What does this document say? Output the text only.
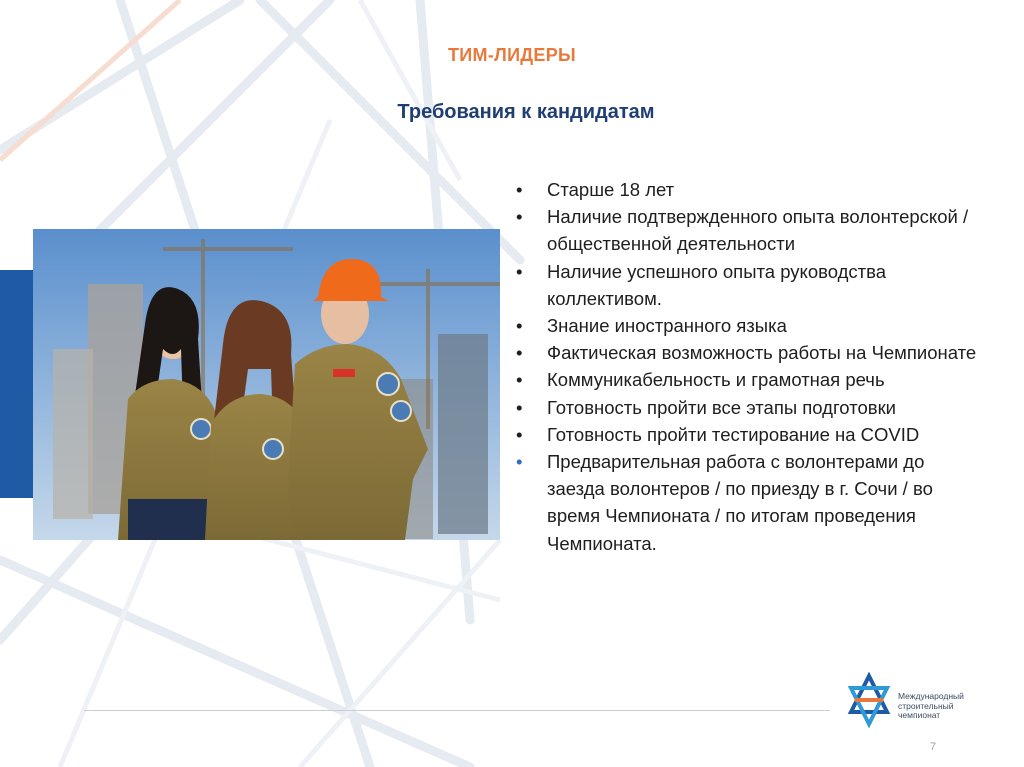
ТИМ-ЛИДЕРЫ
Требования к кандидатам
• Старше 18 лет
• Наличие подтвержденного опыта волонтерской / общественной деятельности
• Наличие успешного опыта руководства коллективом.
• Знание иностранного языка
• Фактическая возможность работы на Чемпионате
• Коммуникабельность и грамотная речь
• Готовность пройти все этапы подготовки
• Готовность пройти тестирование на COVID
• Предварительная работа с волонтерами до заезда волонтеров / по приезду в г. Сочи / во время Чемпионата / по итогам проведения Чемпионата.
Международный
строительный
чемпионат
7
